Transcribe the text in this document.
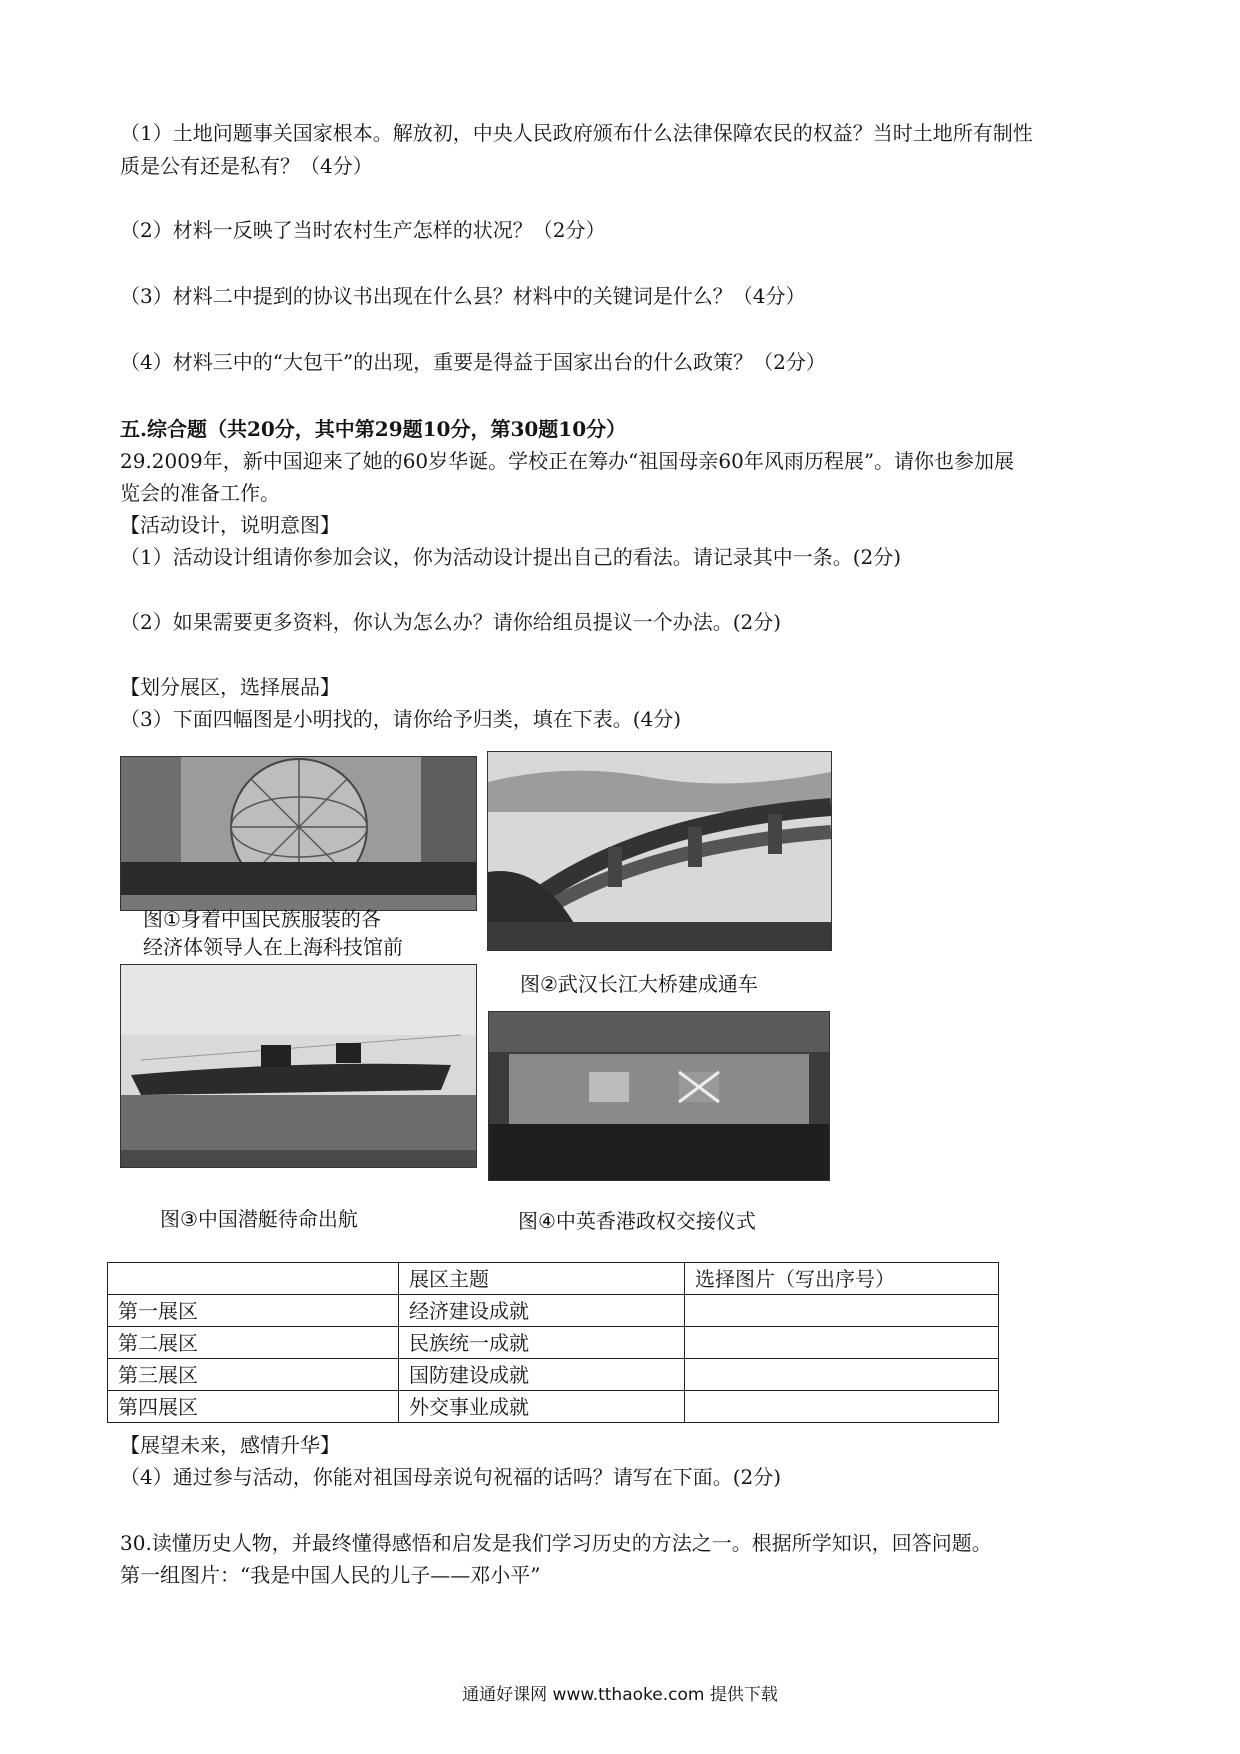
（1）土地问题事关国家根本。解放初，中央人民政府颁布什么法律保障农民的权益？当时土地所有制性
质是公有还是私有？（4分）
（2）材料一反映了当时农村生产怎样的状况？（2分）
（3）材料二中提到的协议书出现在什么县？材料中的关键词是什么？（4分）
（4）材料三中的“大包干”的出现，重要是得益于国家出台的什么政策？（2分）
五.综合题（共20分，其中第29题10分，第30题10分）
29.2009年，新中国迎来了她的60岁华诞。学校正在筹办“祖国母亲60年风雨历程展”。请你也参加展
览会的准备工作。
【活动设计，说明意图】
（1）活动设计组请你参加会议，你为活动设计提出自己的看法。请记录其中一条。(2分)
（2）如果需要更多资料，你认为怎么办？请你给组员提议一个办法。(2分)
【划分展区，选择展品】
（3）下面四幅图是小明找的，请你给予归类，填在下表。(4分)
图①身着中国民族服装的各
经济体领导人在上海科技馆前
图②武汉长江大桥建成通车
图③中国潜艇待命出航	图④中英香港政权交接仪式
	展区主题	选择图片（写出序号）
第一展区	经济建设成就	
第二展区	民族统一成就	
第三展区	国防建设成就	
第四展区	外交事业成就	
【展望未来，感情升华】
（4）通过参与活动，你能对祖国母亲说句祝福的话吗？请写在下面。(2分)
30.读懂历史人物，并最终懂得感悟和启发是我们学习历史的方法之一。根据所学知识，回答问题。
第一组图片：“我是中国人民的儿子——邓小平”
通通好课网 www.tthaoke.com 提供下载
